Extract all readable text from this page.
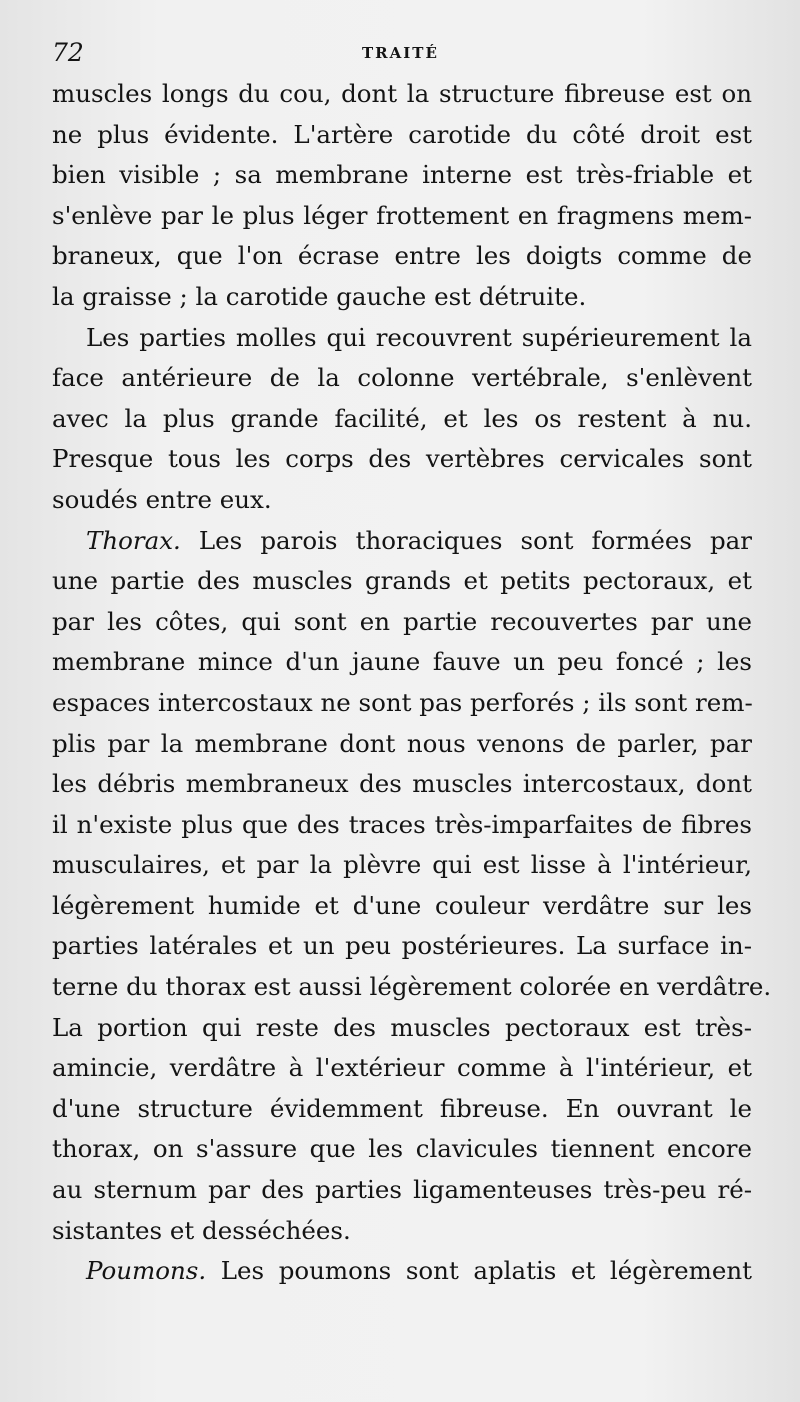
72	TRAITÉ
muscles longs du cou, dont la structure fibreuse est on
ne plus évidente. L'artère carotide du côté droit est
bien visible ; sa membrane interne est très-friable et
s'enlève par le plus léger frottement en fragmens mem-
braneux, que l'on écrase entre les doigts comme de
la graisse ; la carotide gauche est détruite.
Les parties molles qui recouvrent supérieurement la
face antérieure de la colonne vertébrale, s'enlèvent
avec la plus grande facilité, et les os restent à nu.
Presque tous les corps des vertèbres cervicales sont
soudés entre eux.
Thorax. Les parois thoraciques sont formées par
une partie des muscles grands et petits pectoraux, et
par les côtes, qui sont en partie recouvertes par une
membrane mince d'un jaune fauve un peu foncé ; les
espaces intercostaux ne sont pas perforés ; ils sont rem-
plis par la membrane dont nous venons de parler, par
les débris membraneux des muscles intercostaux, dont
il n'existe plus que des traces très-imparfaites de fibres
musculaires, et par la plèvre qui est lisse à l'intérieur,
légèrement humide et d'une couleur verdâtre sur les
parties latérales et un peu postérieures. La surface in-
terne du thorax est aussi légèrement colorée en verdâtre.
La portion qui reste des muscles pectoraux est très-
amincie, verdâtre à l'extérieur comme à l'intérieur, et
d'une structure évidemment fibreuse. En ouvrant le
thorax, on s'assure que les clavicules tiennent encore
au sternum par des parties ligamenteuses très-peu ré-
sistantes et desséchées.
Poumons. Les poumons sont aplatis et légèrement
